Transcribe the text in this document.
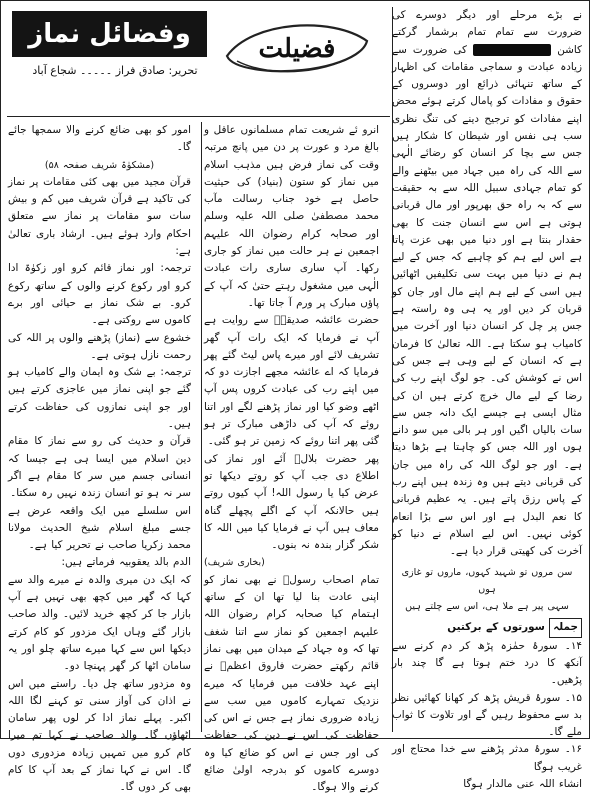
وفضائل نماز	فضیلت
تحریر: صادق فراز ۔۔۔۔۔ شجاع آباد

نے بڑے مرحلے اور دیگر دوسرے کی ضرورت سے تمام تمام برشمار گرکتے کاشن  کی ضرورت سے زیادہ عبادت و سماجی مقامات کی اظہار کے ساتھ تنہائی ذرائع اور دوسروں کے حقوق و مفادات کو پامال کرتے ہوئے محض اپنے مفادات کو ترجیح دینے کی تنگ نظری سب ہی نفس اور شیطان کا شکار ہیں جس سے بچا کر انسان کو رضائے الٰہی سے اللہ کی راہ میں جہاد میں بیٹھنے والے کو تمام جہادی سبیل اللہ سے بہ حقیقت سے کہ بہ راہ حق بھرپور اور مال قربانی ہوتی ہے اس سے انسان جنت کا بھی حقدار بنتا ہے اور دنیا میں بھی عزت پاتا ہے اس لیے ہم کو چاہیے کہ جس کے لیے ہم نے دنیا میں بہت سی تکلیفیں اٹھائیں ہیں اسی کے لیے ہم اپنے مال اور جان کو قربان کر دیں اور یہ ہی وہ راستہ ہے جس پر چل کر انسان دنیا اور آخرت میں کامیاب ہو سکتا ہے۔ اللہ تعالیٰ کا فرمان ہے کہ انسان کے لیے وہی ہے جس کی اس نے کوشش کی۔ جو لوگ اپنے رب کی رضا کے لیے مال خرچ کرتے ہیں ان کی مثال ایسی ہے جیسے ایک دانہ جس سے سات بالیاں اگیں اور ہر بالی میں سو دانے ہوں اور اللہ جس کو چاہتا ہے بڑھا دیتا ہے۔ اور جو لوگ اللہ کی راہ میں جان کی قربانی دیتے ہیں وہ زندہ ہیں اپنے رب کے پاس رزق پاتے ہیں۔ یہ عظیم قربانی کا نعم البدل ہے اور اس سے بڑا انعام کوئی نہیں۔ اس لیے اسلام نے دنیا کو آخرت کی کھیتی قرار دیا ہے۔

سن مروں تو شہید کہوں، ماروں تو غازی ہوں
سہی پیر ہے ملا ہی، اس سے چلتے ہیں

جملہ سورتوں کے برکتیں

۱۴۔ سورۂ حمٰزہ پڑھ کر دم کرنے سے آنکھ کا درد ختم ہوتا ہے گا چند بار پڑھیں۔

۱۵۔ سورۂ قریش پڑھ کر کھانا کھائیں نظر بد سے محفوظ رہیں گے اور تلاوت کا ثواب ملے گا۔

۱۶۔ سورۂ مدثر پڑھنے سے خدا محتاج اور غریب ہوگا

انشاء اللہ عنی مالدار ہوگا

انرو ئے شریعت تمام مسلمانوں عاقل و بالغ مرد و عورت پر دن میں پانچ مرتبہ وقت کی نماز فرض ہیں مذہب اسلام میں نماز کو ستون (بنیاد) کی حیثیت حاصل ہے خود جناب رسالت مآب محمد مصطفیٰ صلی اللہ علیہ وسلم اور صحابہ کرام رضوان اللہ علیہم اجمعین نے ہر حالت میں نماز کو جاری رکھا۔ آپ ساری ساری رات عبادت الٰہی میں مشغول رہتے حتیٰ کہ آپ کے پاؤں مبارک پر ورم آ جاتا تھا۔

حضرت عائشہ صدیقہؓ سے روایت ہے آپ نے فرمایا کہ ایک رات آپ گھر تشریف لائے اور میرے پاس لیٹ گئے پھر فرمایا کہ اے عائشہ مجھے اجازت دو کہ میں اپنے رب کی عبادت کروں پس آپ اٹھے وضو کیا اور نماز پڑھنے لگے اور اتنا روئے کہ آپ کی داڑھی مبارک تر ہو گئی پھر اتنا روئے کہ زمین تر ہو گئی۔

پھر حضرت بلالؓ آئے اور نماز کی اطلاع دی جب آپ کو روتے دیکھا تو عرض کیا یا رسول اللہ! آپ کیوں روتے ہیں حالانکہ آپ کے اگلے پچھلے گناہ معاف ہیں آپ نے فرمایا کیا میں اللہ کا شکر گزار بندہ نہ بنوں۔

(بخاری شریف)

تمام اصحاب رسولؐ نے بھی نماز کو اپنی عادت بنا لیا تھا ان کے ساتھ اہتمام کیا صحابہ کرام رضوان اللہ علیہم اجمعین کو نماز سے اتنا شغف تھا کہ وہ جہاد کے میدان میں بھی نماز قائم رکھتے حضرت فاروق اعظمؓ نے اپنے عہد خلافت میں فرمایا کہ میرے نزدیک تمہارے کاموں میں سب سے زیادہ ضروری نماز ہے جس نے اس کی حفاظت کی اس نے دین کی حفاظت کی اور جس نے اس کو ضائع کیا وہ دوسرے کاموں کو بدرجہ اولیٰ ضائع کرنے والا ہوگا۔

امور کو بھی ضائع کرنے والا سمجھا جائے گا۔

(مشکوٰۃ شریف صفحہ ۵۸)

قرآن مجید میں بھی کئی مقامات پر نماز کی تاکید ہے قرآن شریف میں کم و بیش سات سو مقامات پر نماز سے متعلق احکام وارد ہوئے ہیں۔ ارشاد باری تعالیٰ ہے:

ترجمہ: اور نماز قائم کرو اور زکوٰۃ ادا کرو اور رکوع کرنے والوں کے ساتھ رکوع کرو۔ بے شک نماز بے حیائی اور برے کاموں سے روکتی ہے۔

خشوع سے (نماز) پڑھنے والوں پر اللہ کی رحمت نازل ہوتی ہے۔

ترجمہ: بے شک وہ ایمان والے کامیاب ہو گئے جو اپنی نماز میں عاجزی کرتے ہیں اور جو اپنی نمازوں کی حفاظت کرتے ہیں۔

قرآن و حدیث کی رو سے نماز کا مقام دین اسلام میں ایسا ہی ہے جیسا کہ انسانی جسم میں سر کا مقام ہے اگر سر نہ ہو تو انسان زندہ نہیں رہ سکتا۔

اس سلسلے میں ایک واقعہ عرض ہے جسے مبلغ اسلام شیخ الحدیث مولانا محمد زکریا صاحب نے تحریر کیا ہے۔

الدم بالد یعقوبیہ فرماتے ہیں:

کہ ایک دن میری والدہ نے میرے والد سے کہا کہ گھر میں کچھ بھی نہیں ہے آپ بازار جا کر کچھ خرید لائیں۔ والد صاحب بازار گئے وہاں ایک مزدور کو کام کرتے دیکھا اس سے کہا میرے ساتھ چلو اور یہ سامان اٹھا کر گھر پہنچا دو۔

وہ مزدور ساتھ چل دیا۔ راستے میں اس نے اذان کی آواز سنی تو کہنے لگا اللہ اکبر۔ پہلے نماز ادا کر لوں پھر سامان اٹھاؤں گا۔ والد صاحب نے کہا تم میرا کام کرو میں تمہیں زیادہ مزدوری دوں گا۔ اس نے کہا نماز کے بعد آپ کا کام بھی کر دوں گا۔
